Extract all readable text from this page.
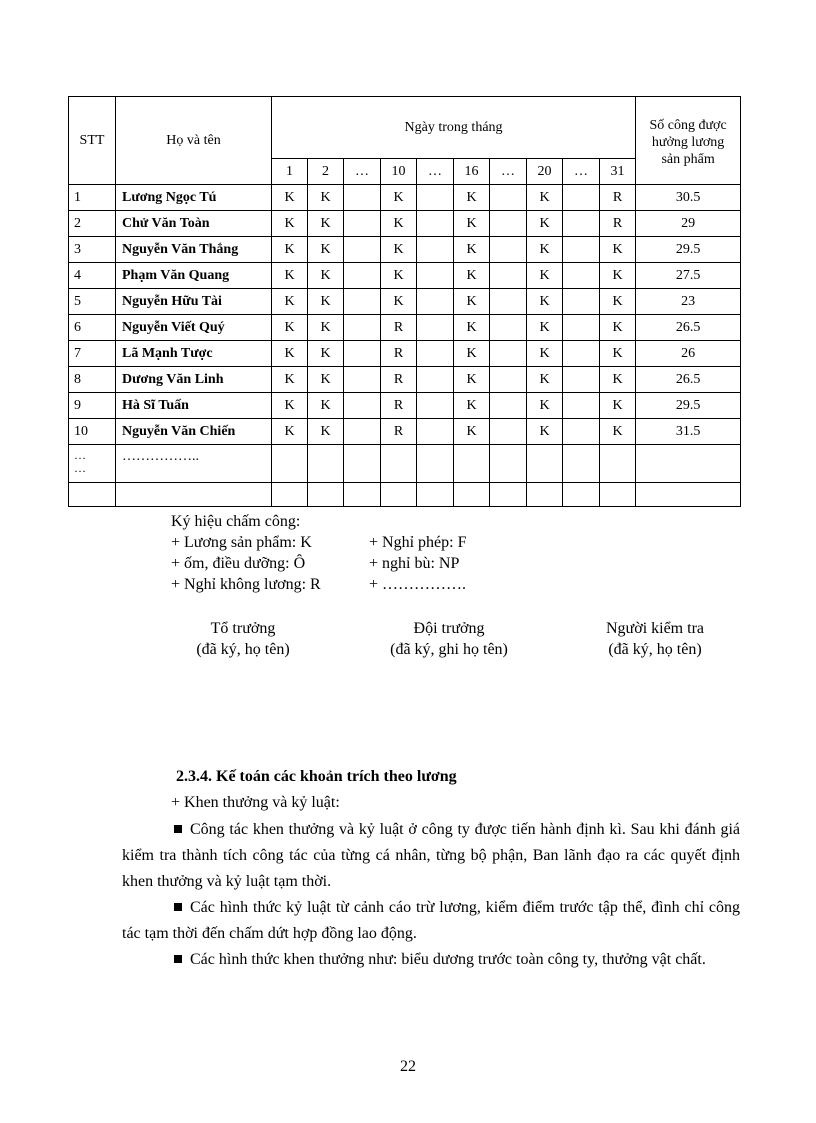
STT	Họ và tên	Ngày trong tháng										Số công được
hưởng lương
sản phẩm

		1	2	…	10	…	16	…	20	…	31	
1	Lương Ngọc Tú	K	K		K		K		K		R	30.5
2	Chử Văn Toàn	K	K		K		K		K		R	29
3	Nguyễn Văn Thắng	K	K		K		K		K		K	29.5
4	Phạm Văn Quang	K	K		K		K		K		K	27.5
5	Nguyễn Hữu Tài	K	K		K		K		K		K	23
6	Nguyễn Viết Quý	K	K		R		K		K		K	26.5
7	Lã Mạnh Tược	K	K		R		K		K		K	26
8	Dương Văn Linh	K	K		R		K		K		K	26.5
9	Hà Sĩ Tuấn	K	K		R		K		K		K	29.5
10	Nguyễn Văn Chiến	K	K		R		K		K		K	31.5

…
…	……………..											

Ký hiệu chấm công:
+ Lương sản phẩm: K	+ Nghỉ phép: F
+ ốm, điều dưỡng: Ô	+ nghỉ bù: NP
+ Nghỉ không lương: R	+ …………….
Tổ trưởng
(đã ký, họ tên)
Đội trưởng
(đã ký, ghi họ tên)
Người kiểm tra
(đã ký, họ tên)
2.3.4. Kế toán các khoản trích theo lương
+ Khen thưởng và kỷ luật:

Công tác khen thưởng và kỷ luật ở công ty được tiến hành định kì. Sau khi đánh giá kiểm tra thành tích công tác của từng cá nhân, từng bộ phận, Ban lãnh đạo ra các quyết định khen thưởng và kỷ luật tạm thời.

Các hình thức kỷ luật từ cảnh cáo trừ lương, kiểm điểm trước tập thể, đình chỉ công tác tạm thời đến chấm dứt hợp đồng lao động.

Các hình thức khen thưởng như: biểu dương trước toàn công ty, thưởng vật chất.

22
